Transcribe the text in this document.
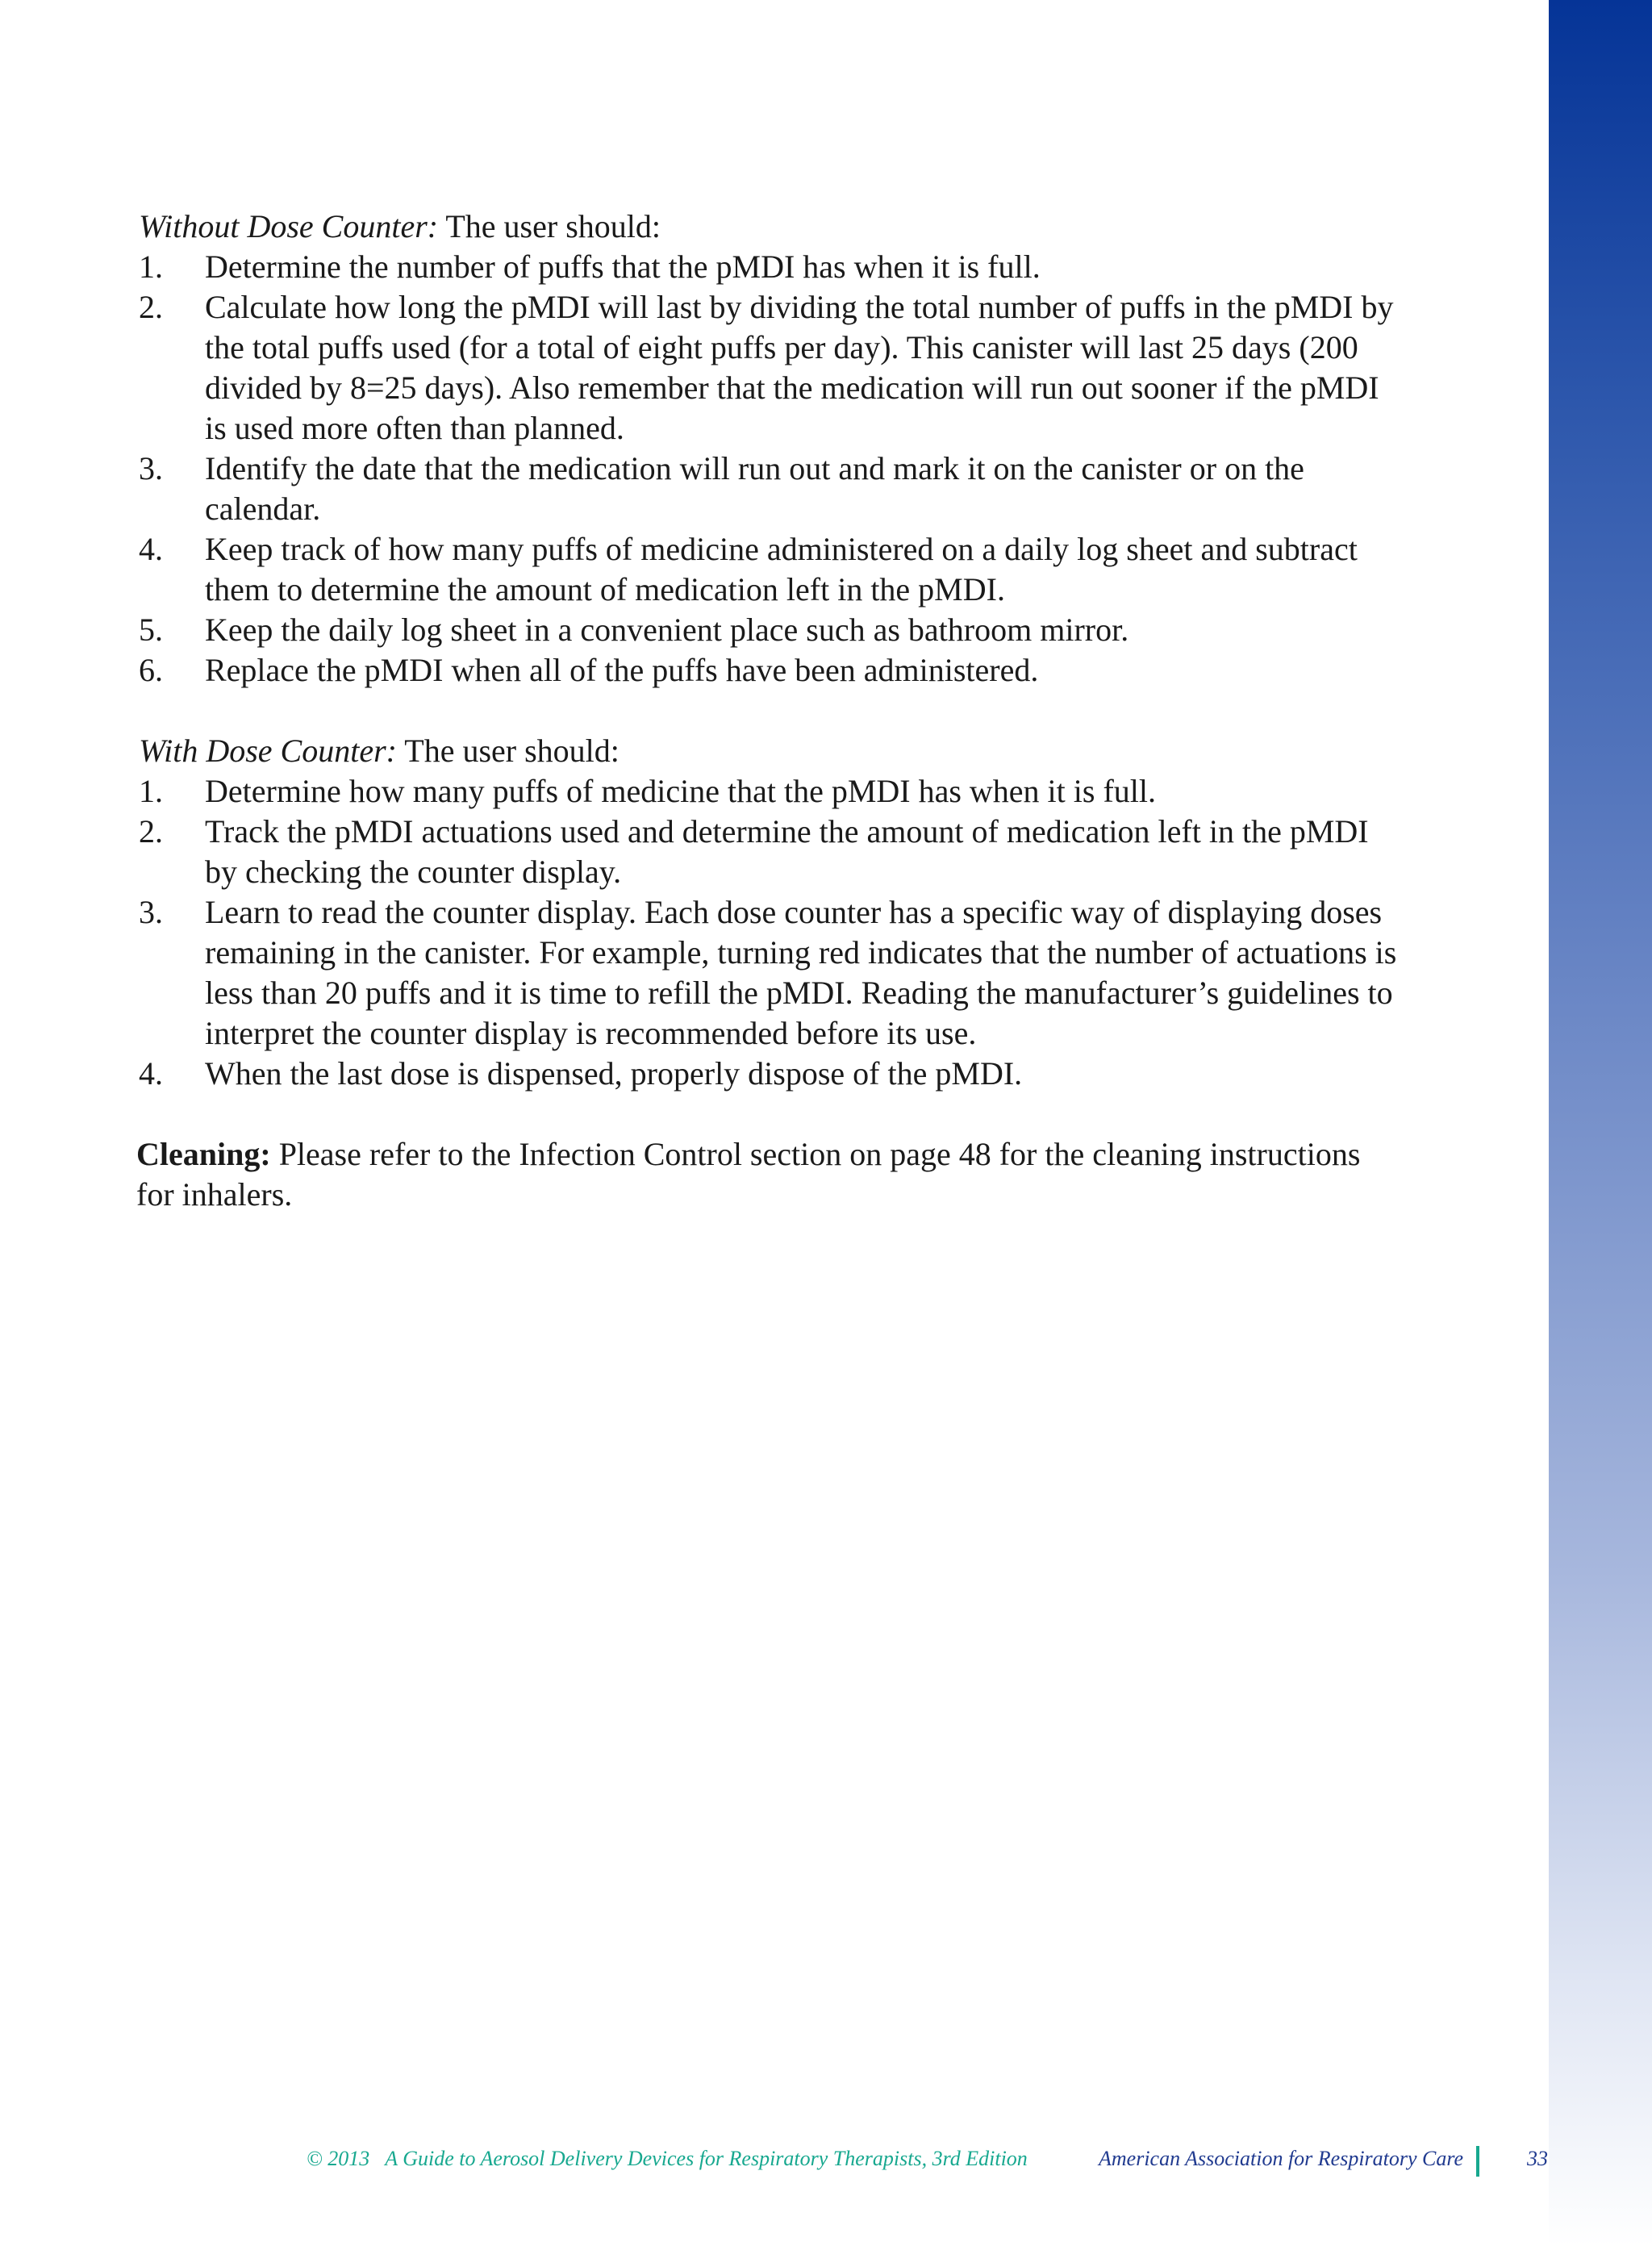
Without Dose Counter: The user should:
1. Determine the number of puffs that the pMDI has when it is full.
2. Calculate how long the pMDI will last by dividing the total number of puffs in the pMDI by the total puffs used (for a total of eight puffs per day). This canister will last 25 days (200 divided by 8=25 days). Also remember that the medication will run out sooner if the pMDI is used more often than planned.
3. Identify the date that the medication will run out and mark it on the canister or on the calendar.
4. Keep track of how many puffs of medicine administered on a daily log sheet and subtract them to determine the amount of medication left in the pMDI.
5. Keep the daily log sheet in a convenient place such as bathroom mirror.
6. Replace the pMDI when all of the puffs have been administered.
With Dose Counter: The user should:
1. Determine how many puffs of medicine that the pMDI has when it is full.
2. Track the pMDI actuations used and determine the amount of medication left in the pMDI by checking the counter display.
3. Learn to read the counter display. Each dose counter has a specific way of displaying doses remaining in the canister. For example, turning red indicates that the number of actuations is less than 20 puffs and it is time to refill the pMDI. Reading the manufacturer’s guidelines to interpret the counter display is recommended before its use.
4. When the last dose is dispensed, properly dispose of the pMDI.
Cleaning: Please refer to the Infection Control section on page 48 for the cleaning instructions for inhalers.
© 2013   A Guide to Aerosol Delivery Devices for Respiratory Therapists, 3rd Edition	American Association for Respiratory Care	33
